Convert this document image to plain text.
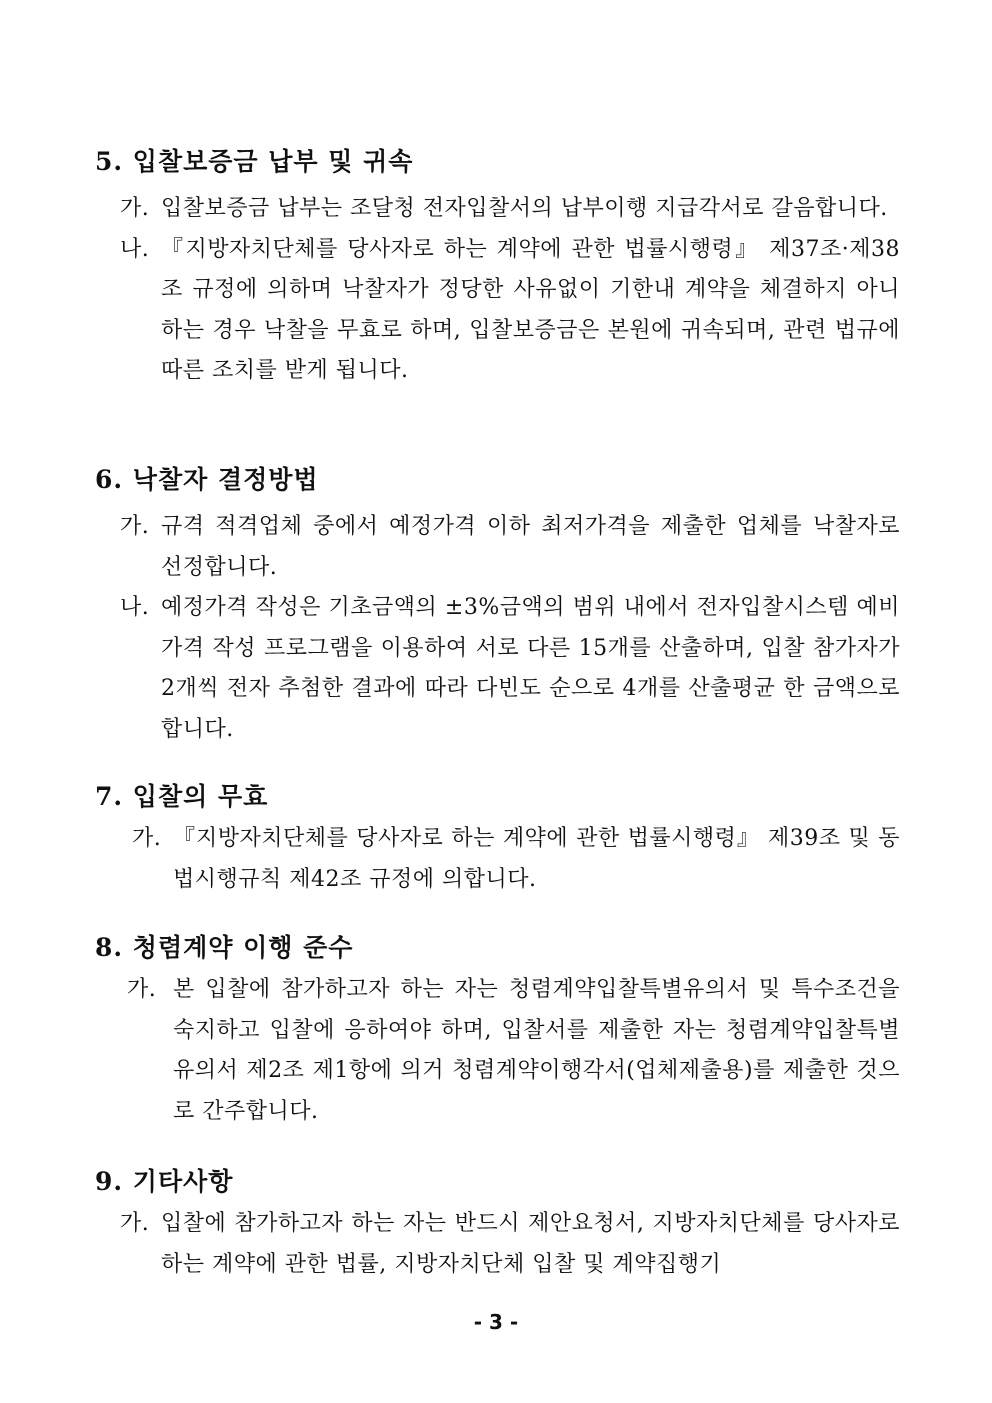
5. 입찰보증금 납부 및 귀속
가. 입찰보증금 납부는 조달청 전자입찰서의 납부이행 지급각서로 갈음합니다.
나. 『지방자치단체를 당사자로 하는 계약에 관한 법률시행령』 제37조·제38조 규정에 의하며 낙찰자가 정당한 사유없이 기한내 계약을 체결하지 아니하는 경우 낙찰을 무효로 하며, 입찰보증금은 본원에 귀속되며, 관련 법규에 따른 조치를 받게 됩니다.
6. 낙찰자 결정방법
가. 규격 적격업체 중에서 예정가격 이하 최저가격을 제출한 업체를 낙찰자로 선정합니다.
나. 예정가격 작성은 기초금액의 ±3%금액의 범위 내에서 전자입찰시스템 예비가격 작성 프로그램을 이용하여 서로 다른 15개를 산출하며, 입찰 참가자가 2개씩 전자 추첨한 결과에 따라 다빈도 순으로 4개를 산출평균 한 금액으로 합니다.
7. 입찰의 무효
가. 『지방자치단체를 당사자로 하는 계약에 관한 법률시행령』 제39조 및 동법시행규칙 제42조 규정에 의합니다.
8. 청렴계약 이행 준수
가. 본 입찰에 참가하고자 하는 자는 청렴계약입찰특별유의서 및 특수조건을 숙지하고 입찰에 응하여야 하며, 입찰서를 제출한 자는 청렴계약입찰특별유의서 제2조 제1항에 의거 청렴계약이행각서(업체제출용)를 제출한 것으로 간주합니다.
9. 기타사항
가. 입찰에 참가하고자 하는 자는 반드시 제안요청서, 지방자치단체를 당사자로 하는 계약에 관한 법률, 지방자치단체 입찰 및 계약집행기
- 3 -
